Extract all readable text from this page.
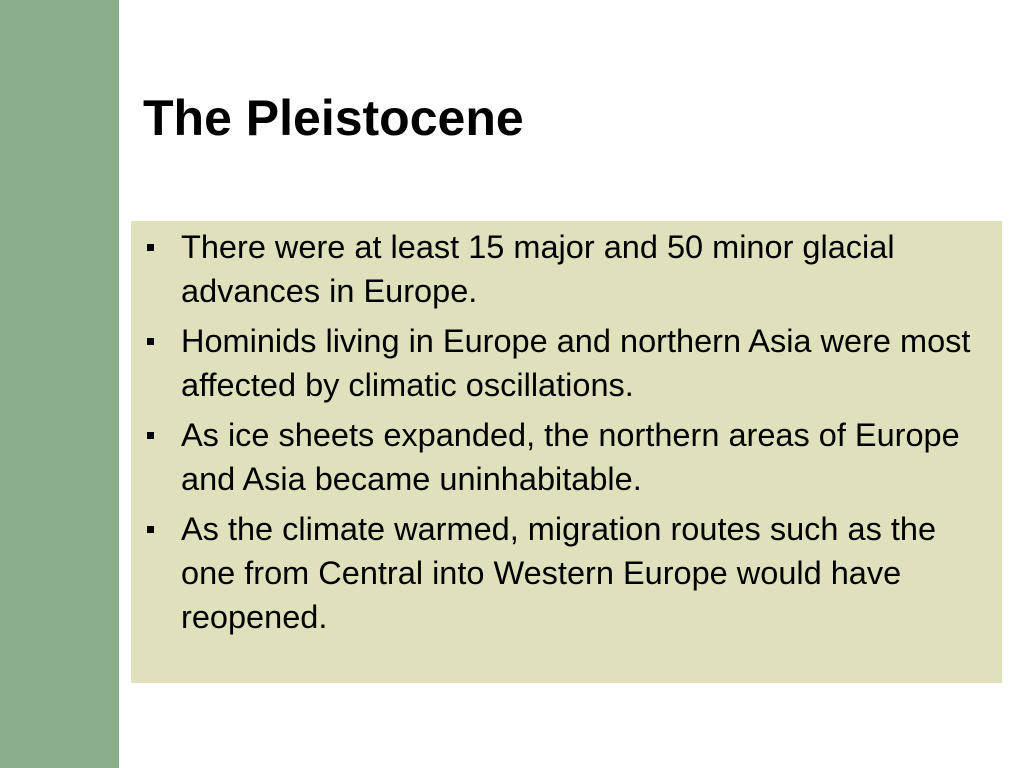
The Pleistocene
There were at least 15 major and 50 minor glacial advances in Europe.
Hominids living in Europe and northern Asia were most affected by climatic oscillations.
As ice sheets expanded, the northern areas of Europe and Asia became uninhabitable.
As the climate warmed, migration routes such as the one from Central into Western Europe would have reopened.
